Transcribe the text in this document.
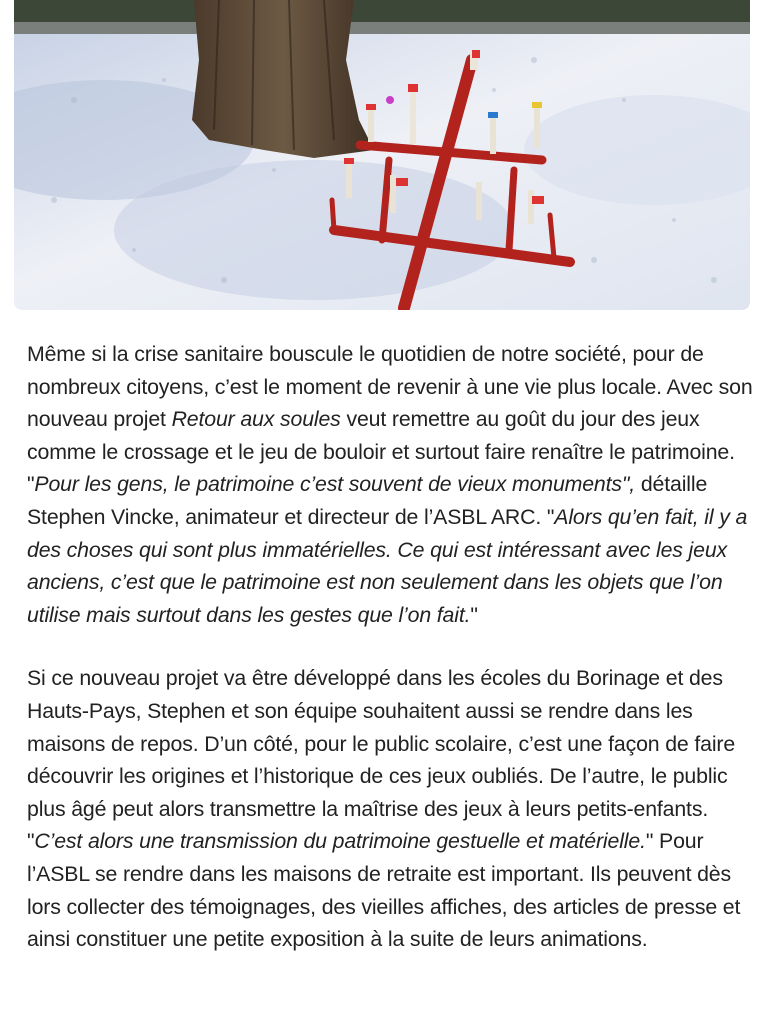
Même si la crise sanitaire bouscule le quotidien de notre société, pour de nombreux citoyens, c’est le moment de revenir à une vie plus locale. Avec son nouveau projet Retour aux soules veut remettre au goût du jour des jeux comme le crossage et le jeu de bouloir et surtout faire renaître le patrimoine. "Pour les gens, le patrimoine c’est souvent de vieux monuments", détaille Stephen Vincke, animateur et directeur de l’ASBL ARC. "Alors qu’en fait, il y a des choses qui sont plus immatérielles. Ce qui est intéressant avec les jeux anciens, c’est que le patrimoine est non seulement dans les objets que l’on utilise mais surtout dans les gestes que l’on fait."

Si ce nouveau projet va être développé dans les écoles du Borinage et des Hauts-Pays, Stephen et son équipe souhaitent aussi se rendre dans les maisons de repos. D’un côté, pour le public scolaire, c’est une façon de faire découvrir les origines et l’historique de ces jeux oubliés. De l’autre, le public plus âgé peut alors transmettre la maîtrise des jeux à leurs petits-enfants. "C’est alors une transmission du patrimoine gestuelle et matérielle." Pour l’ASBL se rendre dans les maisons de retraite est important. Ils peuvent dès lors collecter des témoignages, des vieilles affiches, des articles de presse et ainsi constituer une petite exposition à la suite de leurs animations.
